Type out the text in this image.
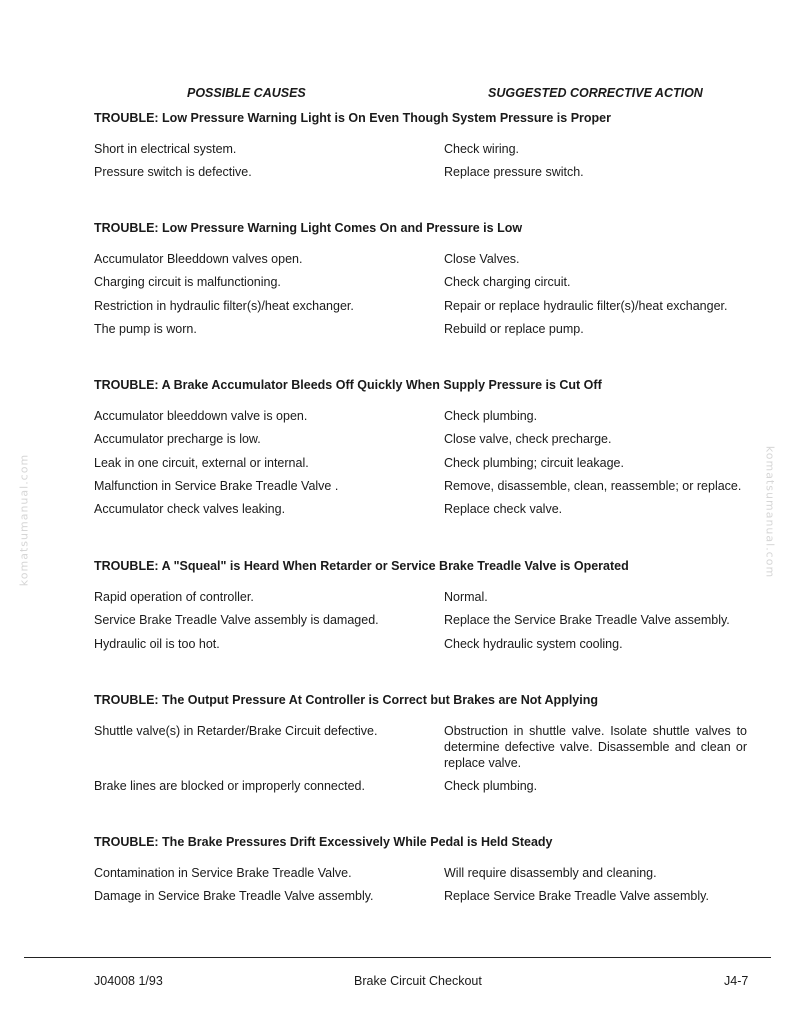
POSSIBLE CAUSES	SUGGESTED CORRECTIVE ACTION
TROUBLE: Low Pressure Warning Light is On Even Though System Pressure is Proper
Short in electrical system.	Check wiring.
Pressure switch is defective.	Replace pressure switch.
TROUBLE: Low Pressure Warning Light Comes On and Pressure is Low
Accumulator Bleeddown valves open.	Close Valves.
Charging circuit is malfunctioning.	Check charging circuit.
Restriction in hydraulic filter(s)/heat exchanger.	Repair or replace hydraulic filter(s)/heat exchanger.
The pump is worn.	Rebuild or replace pump.
TROUBLE: A Brake Accumulator Bleeds Off Quickly When Supply Pressure is Cut Off
Accumulator bleeddown valve is open.	Check plumbing.
Accumulator precharge is low.	Close valve, check precharge.
Leak in one circuit, external or internal.	Check plumbing; circuit leakage.
Malfunction in Service Brake Treadle Valve .	Remove, disassemble, clean, reassemble; or replace.
Accumulator check valves leaking.	Replace check valve.
TROUBLE: A "Squeal" is Heard When Retarder or Service Brake Treadle Valve is Operated
Rapid operation of controller.	Normal.
Service Brake Treadle Valve assembly is damaged.	Replace the Service Brake Treadle Valve assembly.
Hydraulic oil is too hot.	Check hydraulic system cooling.
TROUBLE: The Output Pressure At Controller is Correct but Brakes are Not Applying
Shuttle valve(s) in Retarder/Brake Circuit defective.	Obstruction in shuttle valve. Isolate shuttle valves to determine defective valve. Disassemble and clean or replace valve.
Brake lines are blocked or improperly connected.	Check plumbing.
TROUBLE: The Brake Pressures Drift Excessively While Pedal is Held Steady
Contamination in Service Brake Treadle Valve.	Will require disassembly and cleaning.
Damage in Service Brake Treadle Valve assembly.	Replace Service Brake Treadle Valve assembly.
komatsumanual.com	komatsumanual.com
J04008 1/93	Brake Circuit Checkout	J4-7
